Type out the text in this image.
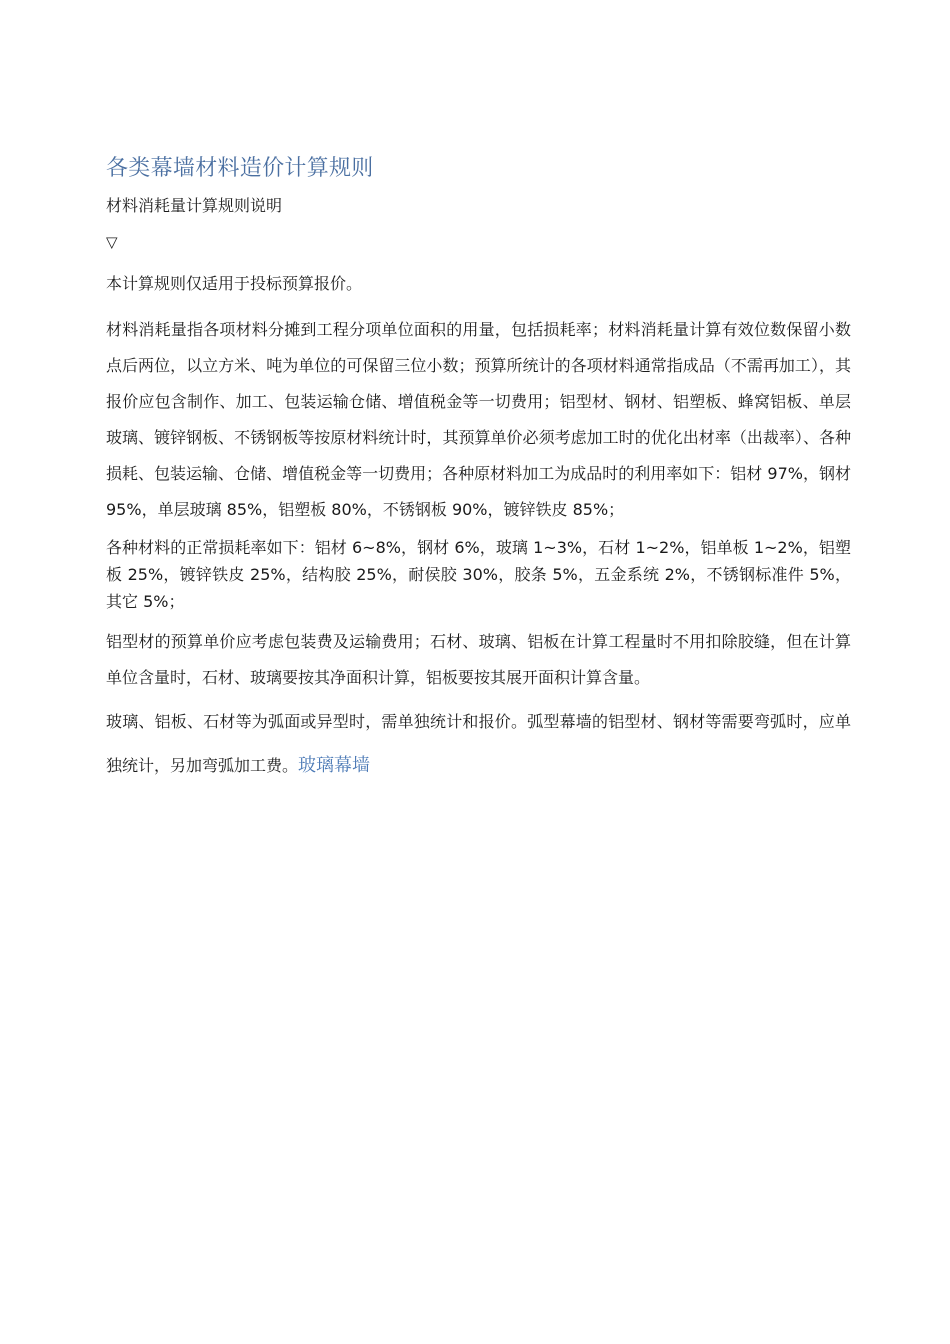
各类幕墙材料造价计算规则
材料消耗量计算规则说明
▽

本计算规则仅适用于投标预算报价。

材料消耗量指各项材料分摊到工程分项单位面积的用量，包括损耗率；材料消耗量计算有效位数保留小数点后两位，以立方米、吨为单位的可保留三位小数；预算所统计的各项材料通常指成品（不需再加工），其报价应包含制作、加工、包装运输仓储、增值税金等一切费用；铝型材、钢材、铝塑板、蜂窝铝板、单层玻璃、镀锌钢板、不锈钢板等按原材料统计时，其预算单价必须考虑加工时的优化出材率（出裁率）、各种损耗、包装运输、仓储、增值税金等一切费用；各种原材料加工为成品时的利用率如下：铝材 97%，钢材 95%，单层玻璃 85%，铝塑板 80%，不锈钢板 90%，镀锌铁皮 85%；

各种材料的正常损耗率如下：铝材 6~8%，钢材 6%，玻璃 1~3%，石材 1~2%，铝单板 1~2%，铝塑板 25%，镀锌铁皮 25%，结构胶 25%，耐侯胶 30%，胶条 5%，五金系统 2%，不锈钢标准件 5%，其它 5%；

铝型材的预算单价应考虑包装费及运输费用；石材、玻璃、铝板在计算工程量时不用扣除胶缝，但在计算单位含量时，石材、玻璃要按其净面积计算，铝板要按其展开面积计算含量。

玻璃、铝板、石材等为弧面或异型时，需单独统计和报价。弧型幕墙的铝型材、钢材等需要弯弧时，应单独统计，另加弯弧加工费。玻璃幕墙
